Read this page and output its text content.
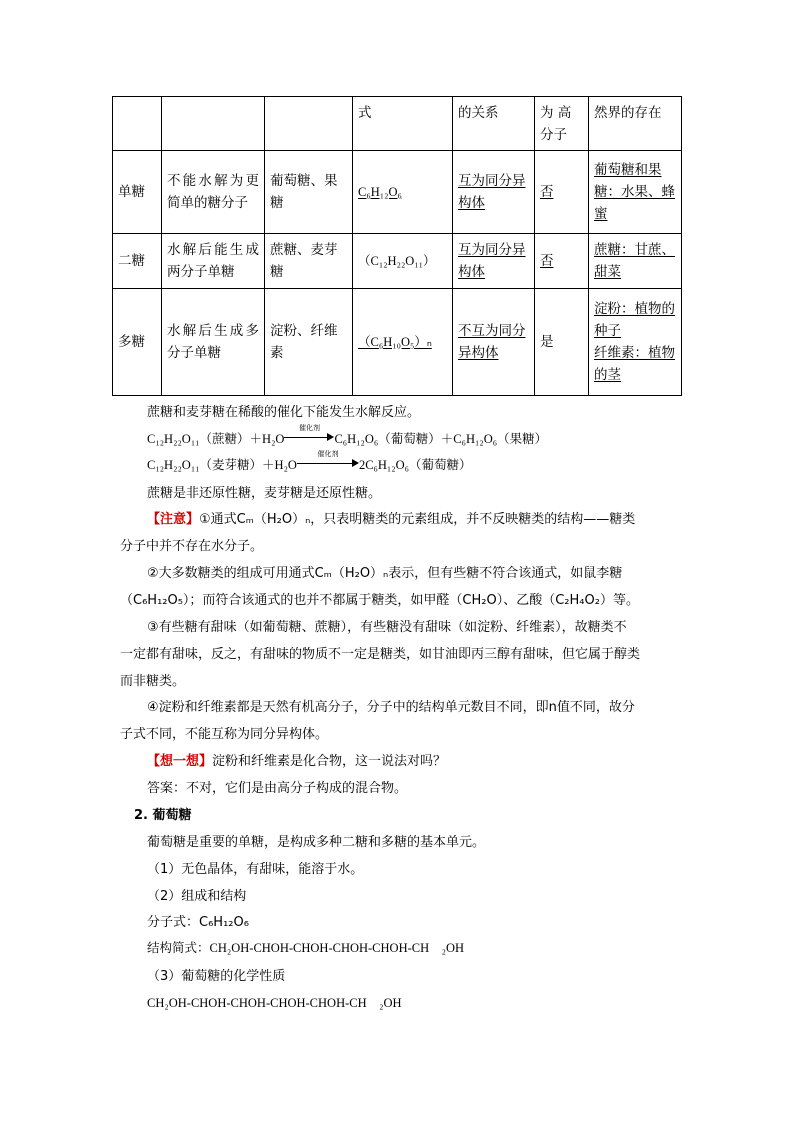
			式	的关系	为 高分子	然界的存在
单糖	不能水解为更简单的糖分子	葡萄糖、果糖	C₆H₁₂O₆	互为同分异构体	否	葡萄糖和果糖：水果、蜂蜜
二糖	水解后能生成两分子单糖	蔗糖、麦芽糖	（C₁₂H₂₂O₁₁）	互为同分异构体	否	蔗糖：甘蔗、甜菜
多糖	水解后生成多分子单糖	淀粉、纤维素	（C₆H₁₀O₅）ₙ	不互为同分异构体	是	淀粉：植物的种子
纤维素：植物的茎
蔗糖和麦芽糖在稀酸的催化下能发生水解反应。
C₁₂H₂₂O₁₁（蔗糖）＋H₂O
催化剂
C₆H₁₂O₆（葡萄糖）＋C₆H₁₂O₆（果糖）
C₁₂H₂₂O₁₁（麦芽糖）＋H₂O
催化剂
2C₆H₁₂O₆（葡萄糖）
蔗糖是非还原性糖，麦芽糖是还原性糖。
【注意】①通式Cₘ（H₂O）ₙ，只表明糖类的元素组成，并不反映糖类的结构——糖类
分子中并不存在水分子。
②大多数糖类的组成可用通式Cₘ（H₂O）ₙ表示，但有些糖不符合该通式，如鼠李糖
（C₆H₁₂O₅）；而符合该通式的也并不都属于糖类，如甲醛（CH₂O）、乙酸（C₂H₄O₂）等。
③有些糖有甜味（如葡萄糖、蔗糖），有些糖没有甜味（如淀粉、纤维素），故糖类不
一定都有甜味，反之，有甜味的物质不一定是糖类，如甘油即丙三醇有甜味，但它属于醇类
而非糖类。
④淀粉和纤维素都是天然有机高分子，分子中的结构单元数目不同，即n值不同，故分
子式不同，不能互称为同分异构体。
【想一想】淀粉和纤维素是化合物，这一说法对吗？
答案：不对，它们是由高分子构成的混合物。
2. 葡萄糖
葡萄糖是重要的单糖，是构成多种二糖和多糖的基本单元。
（1）无色晶体，有甜味，能溶于水。
（2）组成和结构
分子式：C₆H₁₂O₆
结构简式：CH₂OH-CHOH-CHOH-CHOH-CHOH-CH　₂OH
（3）葡萄糖的化学性质
CH₂OH-CHOH-CHOH-CHOH-CHOH-CH　₂OH
